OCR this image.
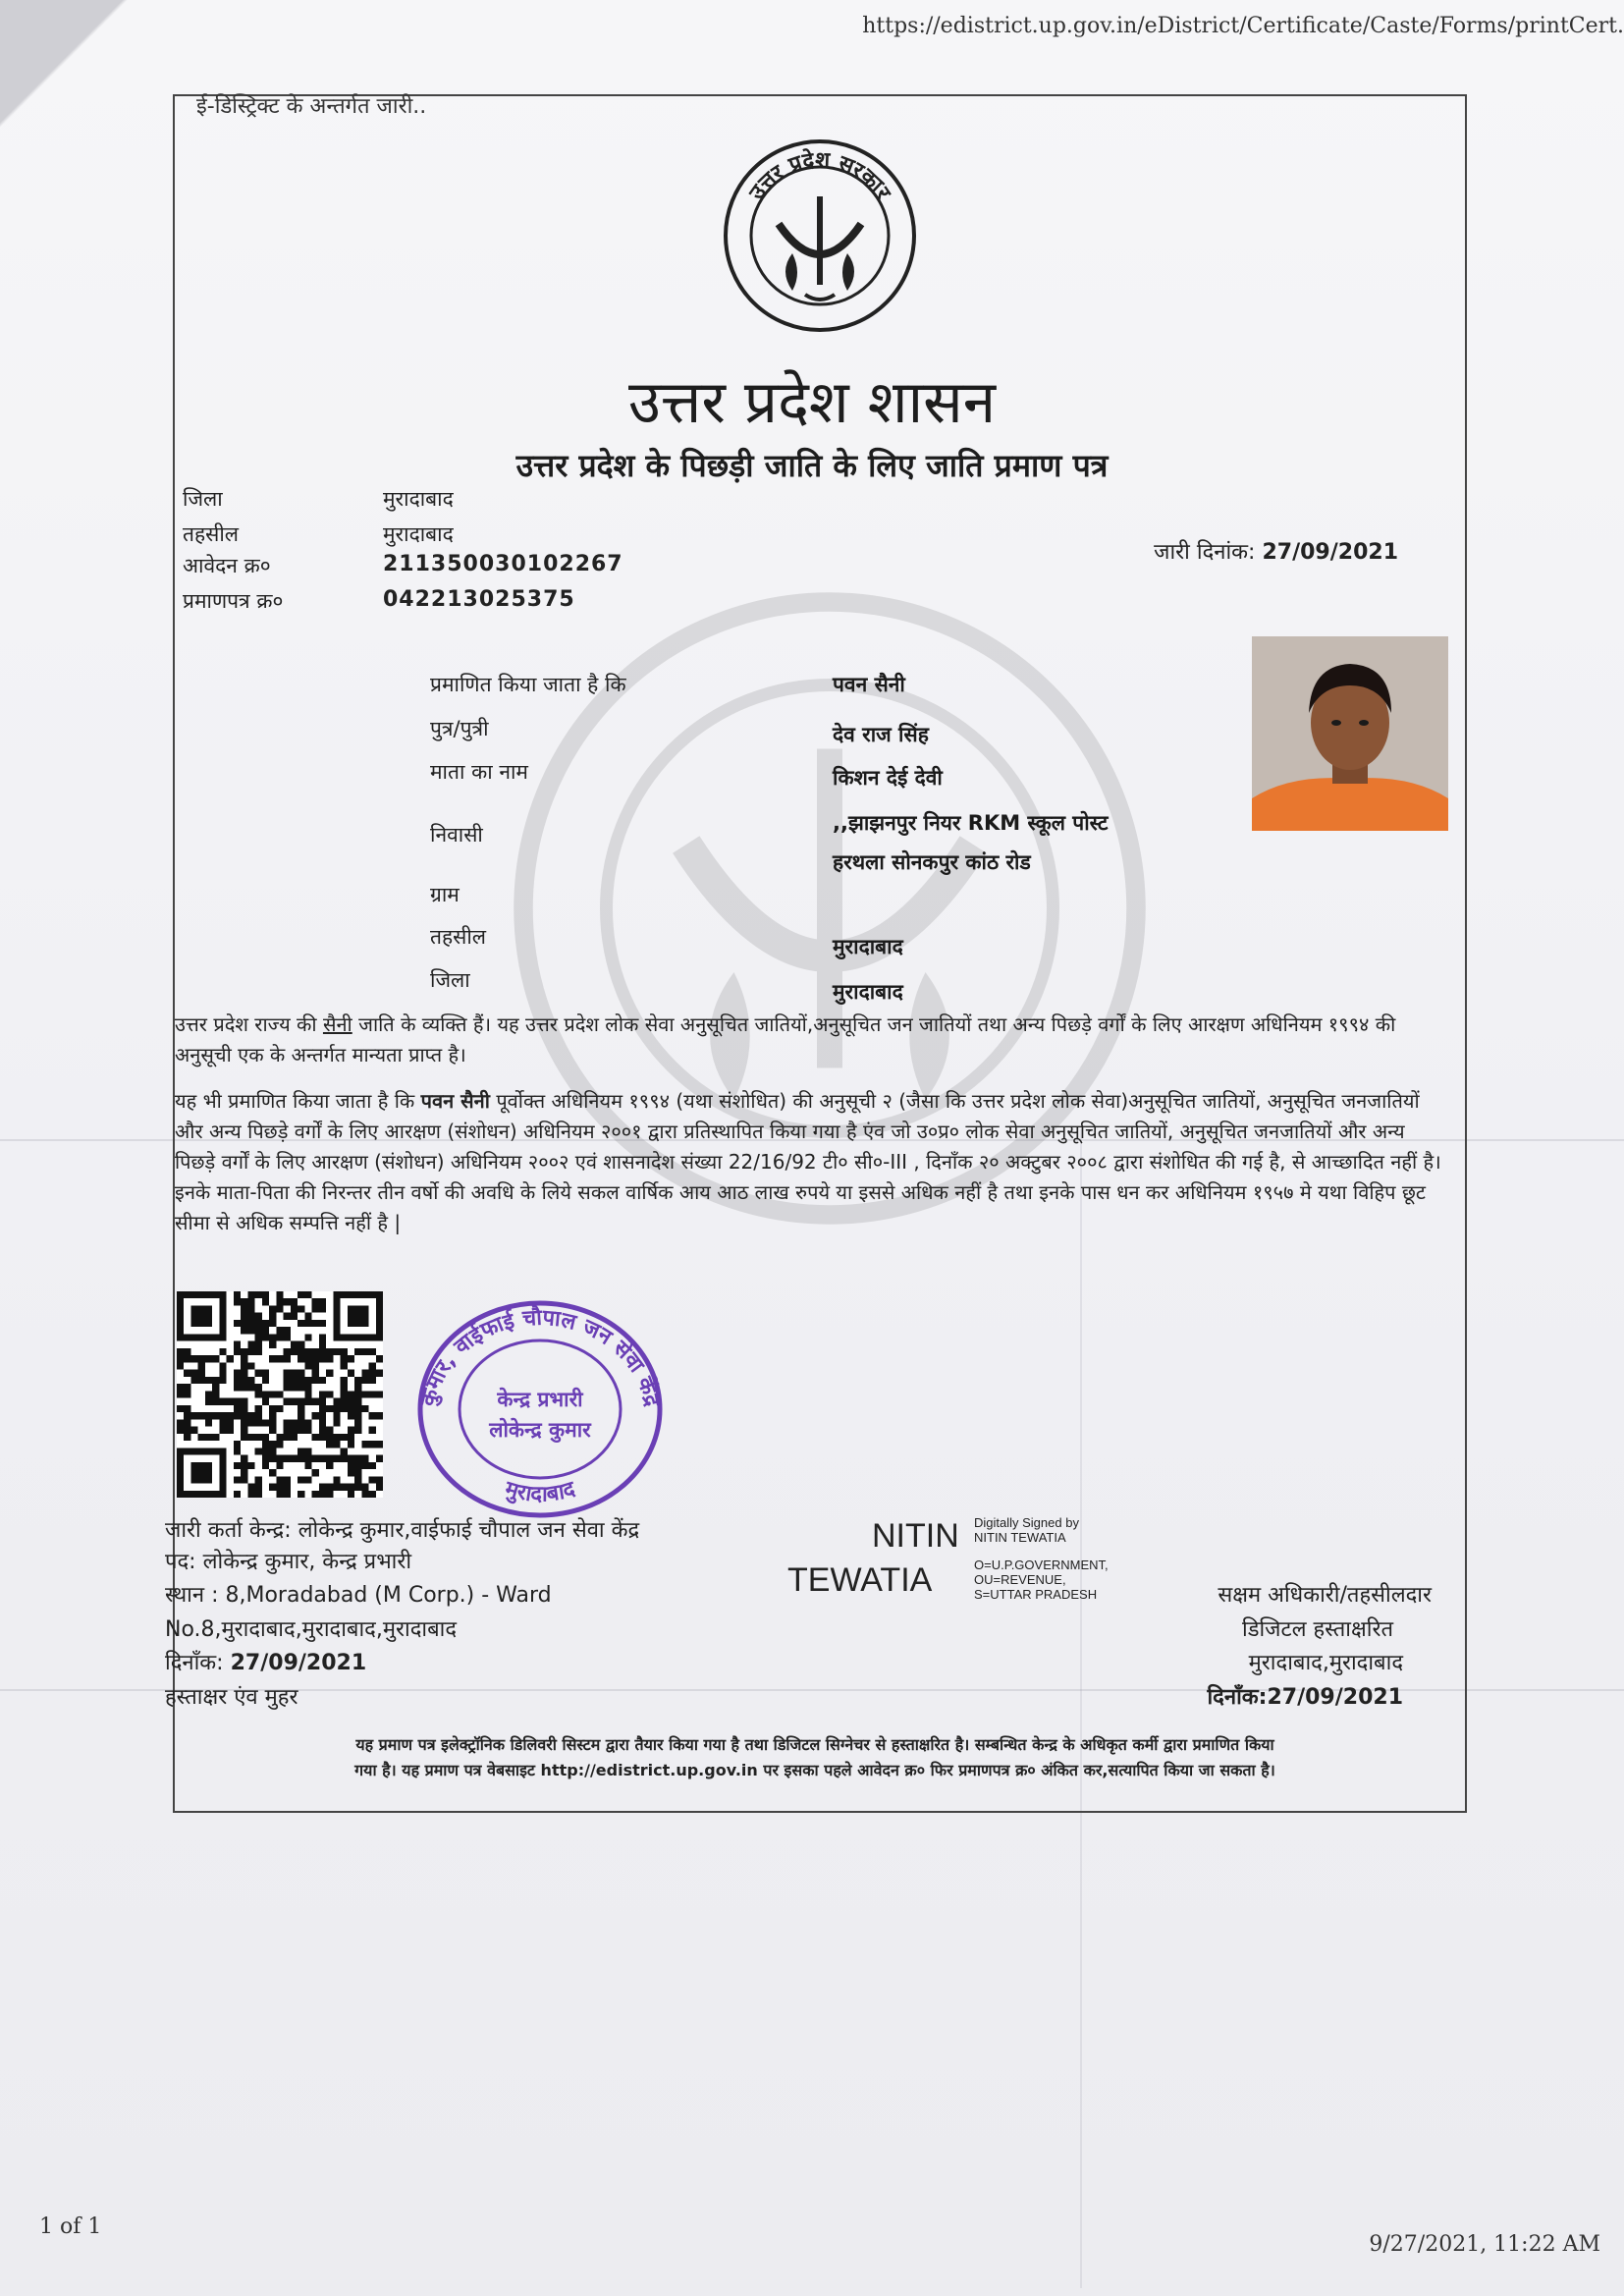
https://edistrict.up.gov.in/eDistrict/Certificate/Caste/Forms/printCert.
1 of 1
9/27/2021, 11:22 AM
ई-डिस्ट्रिक्ट के अन्तर्गत जारी..
उत्तर प्रदेश सरकार
उत्तर प्रदेश शासन
उत्तर प्रदेश के पिछड़ी जाति के लिए जाति प्रमाण पत्र
जिला	मुरादाबाद
तहसील	मुरादाबाद
आवेदन क्र०	211350030102267
प्रमाणपत्र क्र०	042213025375
जारी दिनांक: 27/09/2021
प्रमाणित किया जाता है कि	पवन सैनी
पुत्र/पुत्री	देव राज सिंह
माता का नाम	किशन देई देवी
निवासी	,,झाझनपुर नियर RKM स्कूल पोस्ट
हरथला सोनकपुर कांठ रोड
ग्राम
तहसील	मुरादाबाद
जिला	मुरादाबाद
उत्तर प्रदेश राज्य की सैनी जाति के व्यक्ति हैं। यह उत्तर प्रदेश लोक सेवा अनुसूचित जातियों,अनुसूचित जन जातियों तथा अन्य पिछड़े वर्गों के लिए आरक्षण अधिनियम १९९४ की अनुसूची एक के अन्तर्गत मान्यता प्राप्त है।
यह भी प्रमाणित किया जाता है कि पवन सैनी पूर्वोक्त अधिनियम १९९४ (यथा संशोधित) की अनुसूची २ (जैसा कि उत्तर प्रदेश लोक सेवा)अनुसूचित जातियों, अनुसूचित जनजातियों और अन्य पिछड़े वर्गों के लिए आरक्षण (संशोधन) अधिनियम २००१ द्वारा प्रतिस्थापित किया गया है एंव जो उ०प्र० लोक सेवा अनुसूचित जातियों, अनुसूचित जनजातियों और अन्य पिछड़े वर्गों के लिए आरक्षण (संशोधन) अधिनियम २००२ एवं शासनादेश संख्या 22/16/92 टी० सी०-III , दिनाँक २० अक्टुबर २००८ द्वारा संशोधित की गई है, से आच्छादित नहीं है।इनके माता-पिता की निरन्तर तीन वर्षो की अवधि के लिये सकल वार्षिक आय आठ लाख रुपये या इससे अधिक नहीं है तथा इनके पास धन कर अधिनियम १९५७ मे यथा विहिप छूट सीमा से अधिक सम्पत्ति नहीं है |
कुमार, वाईफाई चौपाल जन सेवा केंद्र
मुरादाबाद
केन्द्र प्रभारी
लोकेन्द्र कुमार
जारी कर्ता केन्द्र: लोकेन्द्र कुमार,वाईफाई चौपाल जन सेवा केंद्र
पद: लोकेन्द्र कुमार, केन्द्र प्रभारी
स्थान : 8,Moradabad (M Corp.) - Ward
No.8,मुरादाबाद,मुरादाबाद,मुरादाबाद
दिनाँक: 27/09/2021
हस्ताक्षर एंव मुहर
NITIN
TEWATIA
Digitally Signed by
NITIN TEWATIA
O=U.P.GOVERNMENT,
OU=REVENUE,
S=UTTAR PRADESH	सक्षम अधिकारी/तहसीलदार
डिजिटल हस्ताक्षरित
मुरादाबाद,मुरादाबाद
दिनाँक:27/09/2021
यह प्रमाण पत्र इलेक्ट्रॉनिक डिलिवरी सिस्टम द्वारा तैयार किया गया है तथा डिजिटल सिग्नेचर से हस्ताक्षरित है। सम्बन्धित केन्द्र के अधिकृत कर्मी द्वारा प्रमाणित किया
गया है। यह प्रमाण पत्र वेबसाइट http://edistrict.up.gov.in पर इसका पहले आवेदन क्र० फिर प्रमाणपत्र क्र० अंकित कर,सत्यापित किया जा सकता है।
